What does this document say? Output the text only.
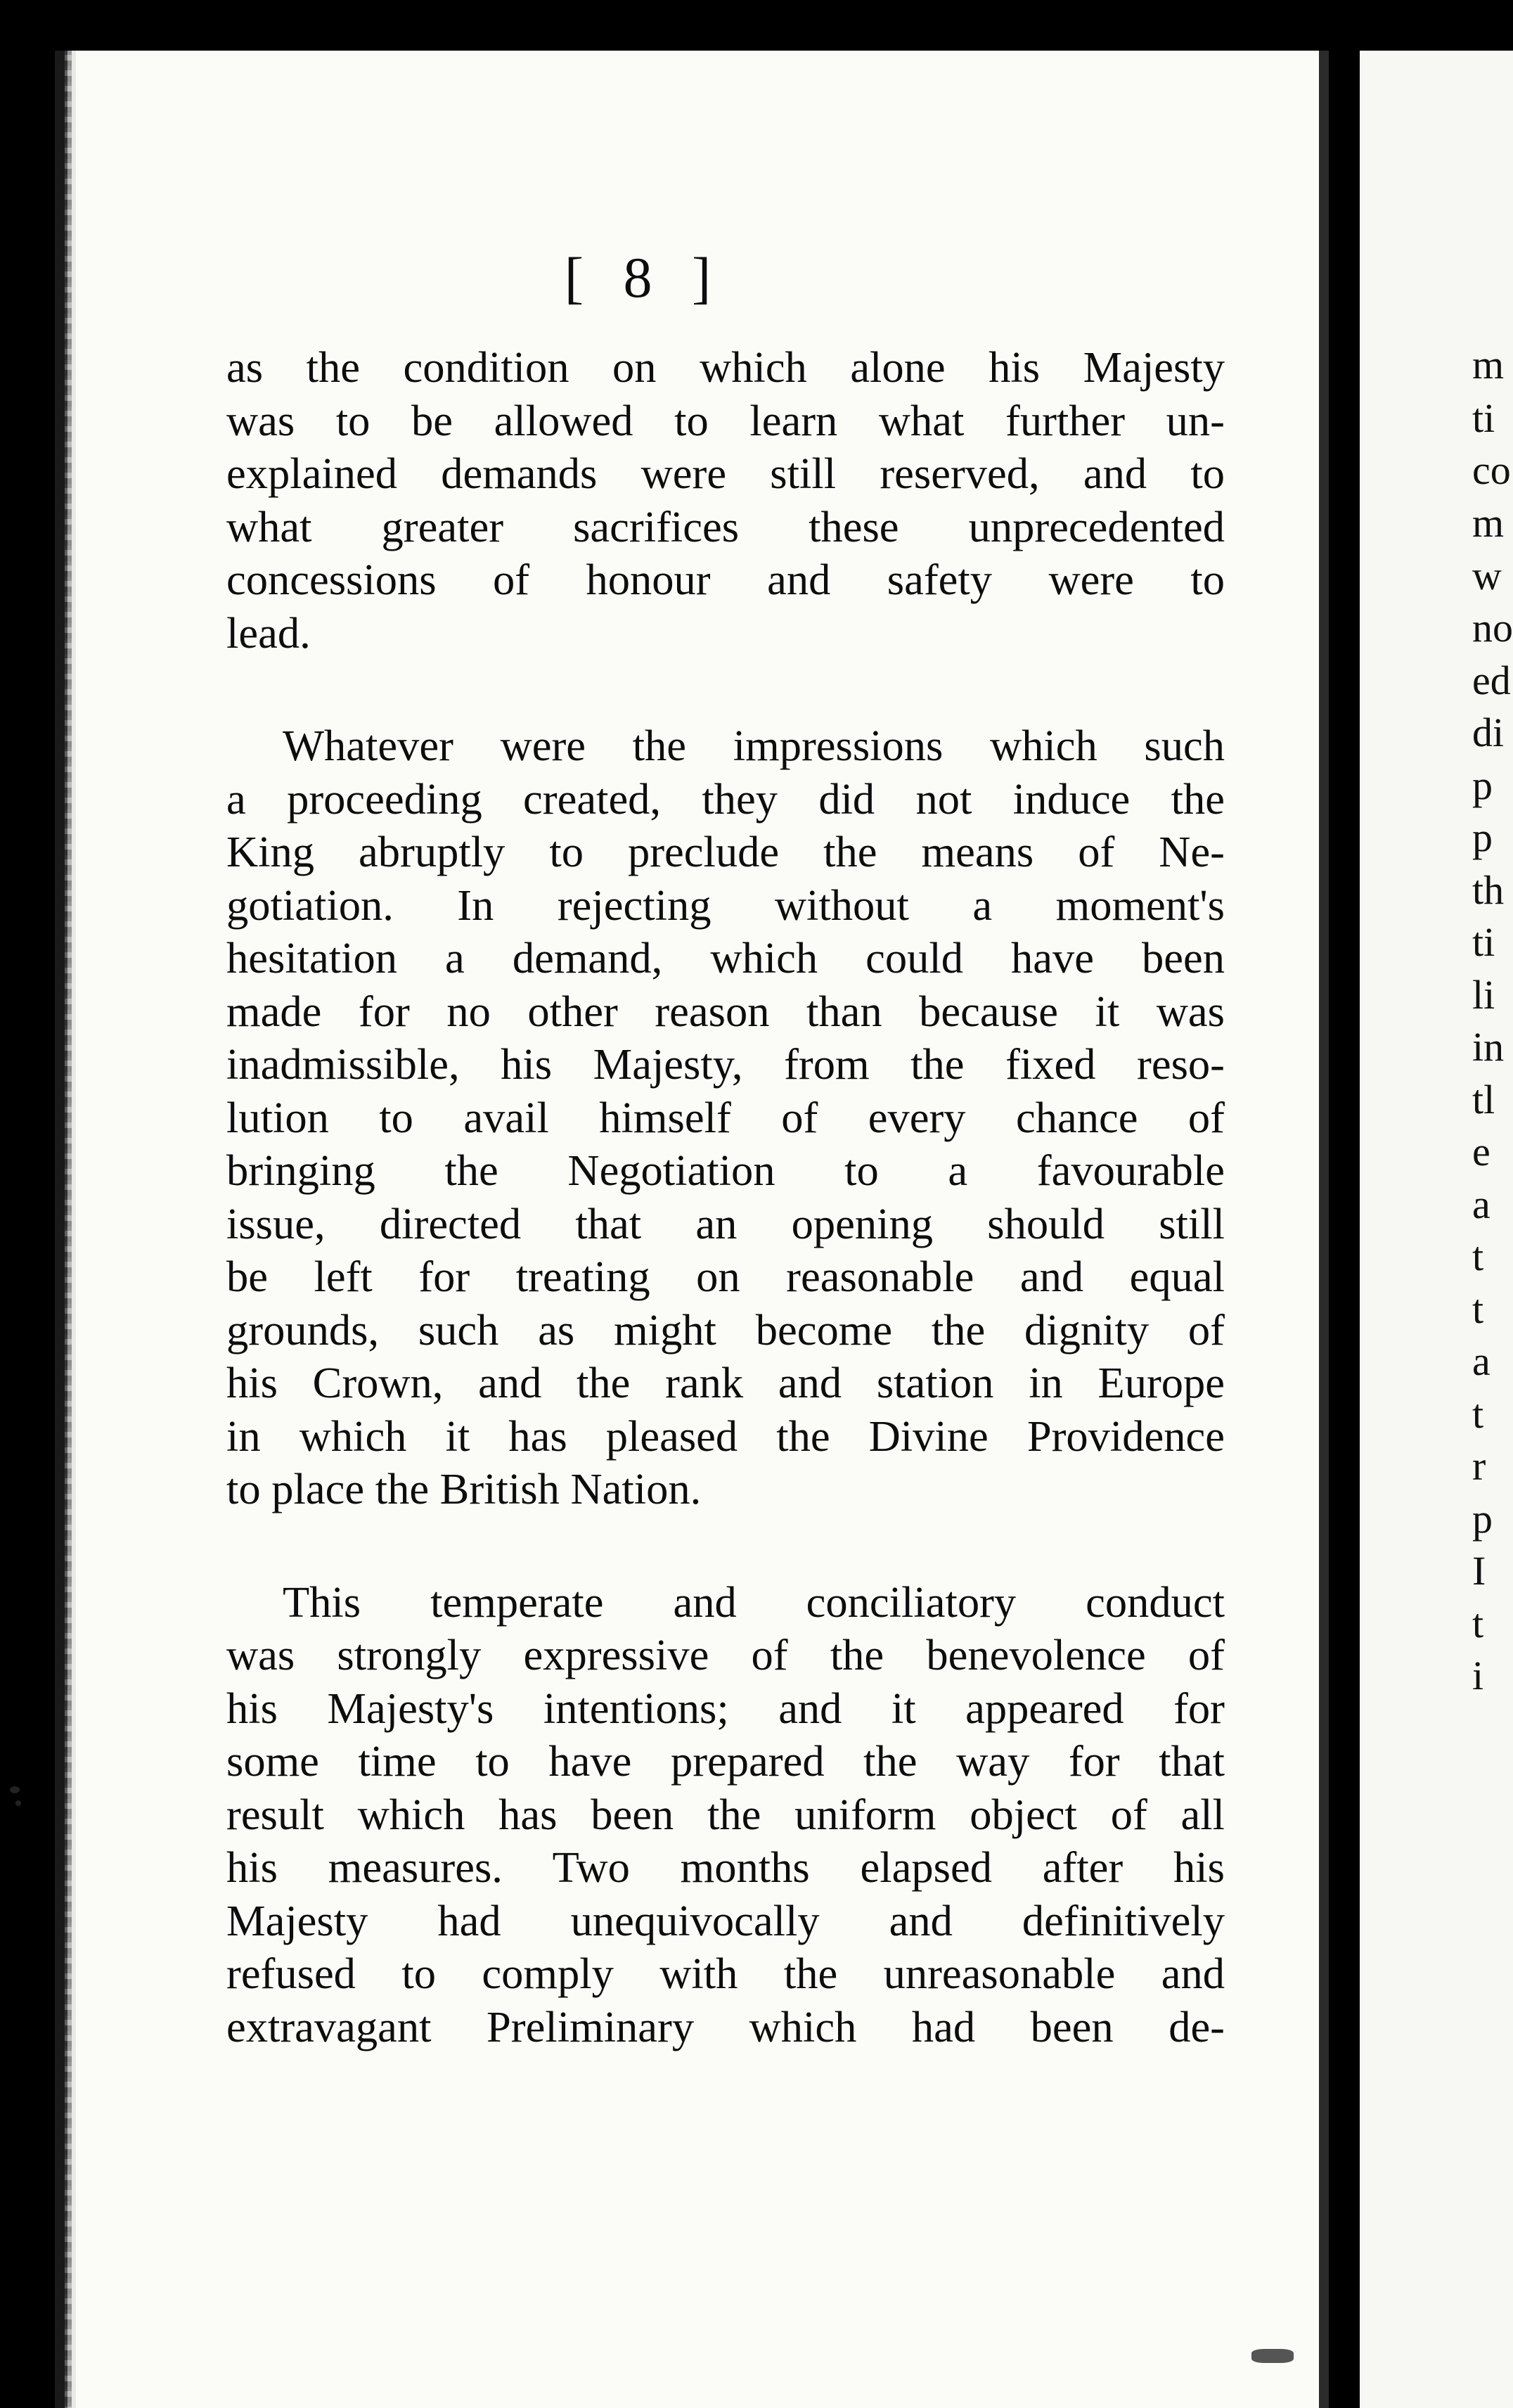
[ 8 ]
as the condition on which alone his Majesty
was to be allowed to learn what further un-
explained demands were still reserved, and to
what greater sacrifices these unprecedented
concessions of honour and safety were to
lead.
Whatever were the impressions which such
a proceeding created, they did not induce the
King abruptly to preclude the means of Ne-
gotiation. In rejecting without a moment's
hesitation a demand, which could have been
made for no other reason than because it was
inadmissible, his Majesty, from the fixed reso-
lution to avail himself of every chance of
bringing the Negotiation to a favourable
issue, directed that an opening should still
be left for treating on reasonable and equal
grounds, such as might become the dignity of
his Crown, and the rank and station in Europe
in which it has pleased the Divine Providence
to place the British Nation.
This temperate and conciliatory conduct
was strongly expressive of the benevolence of
his Majesty's intentions; and it appeared for
some time to have prepared the way for that
result which has been the uniform object of all
his measures. Two months elapsed after his
Majesty had unequivocally and definitively
refused to comply with the unreasonable and
extravagant Preliminary which had been de-
m
ti
co
m
w
no
ed
di
p
p
th
ti
li
in
tl
e
a
t
t
a
t
r
p
I
t
i
